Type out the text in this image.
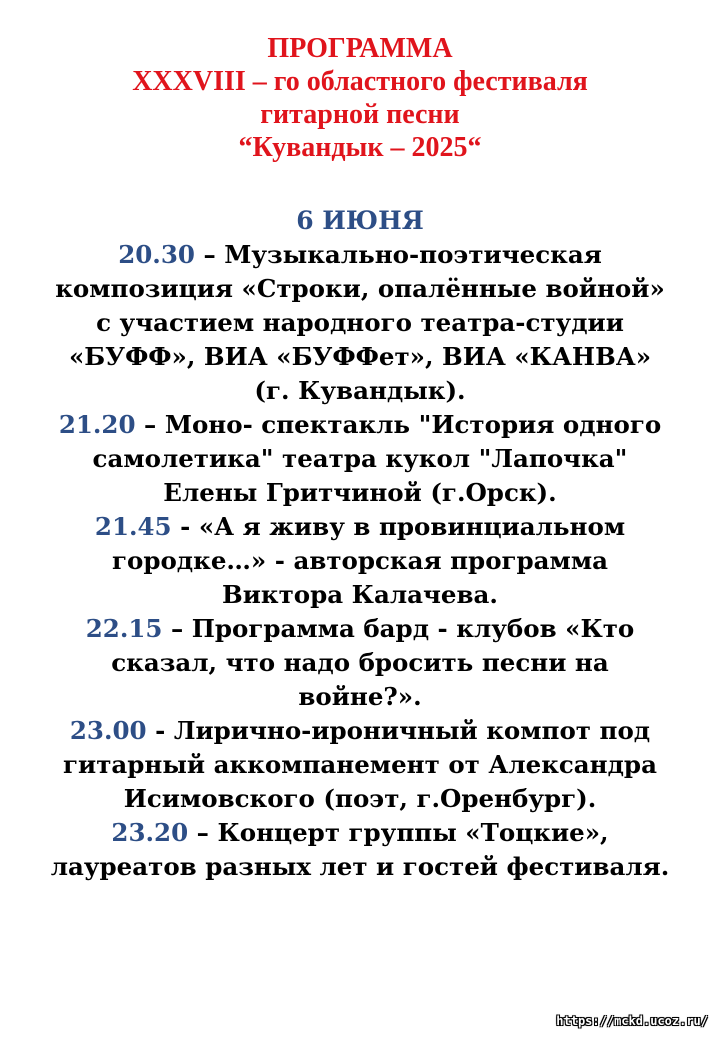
ПРОГРАММА
XXXVIII – го областного фестиваля
гитарной песни
“Кувандык – 2025“
6 ИЮНЯ
20.30 – Музыкально-поэтическая композиция «Строки, опалённые войной» с участием народного театра-студии «БУФФ», ВИА «БУФФет», ВИА «КАНВА» (г. Кувандык).
21.20 – Моно- спектакль "История одного самолетика" театра кукол "Лапочка" Елены Гритчиной (г.Орск).
21.45 - «А я живу в провинциальном городке…» - авторская программа Виктора Калачева.
22.15 – Программа бард - клубов «Кто сказал, что надо бросить песни на войне?».
23.00 - Лирично-ироничный компот под гитарный аккомпанемент от Александра Исимовского (поэт, г.Оренбург).
23.20 – Концерт группы «Тоцкие», лауреатов разных лет и гостей фестиваля.
https://mckd.ucoz.ru/
